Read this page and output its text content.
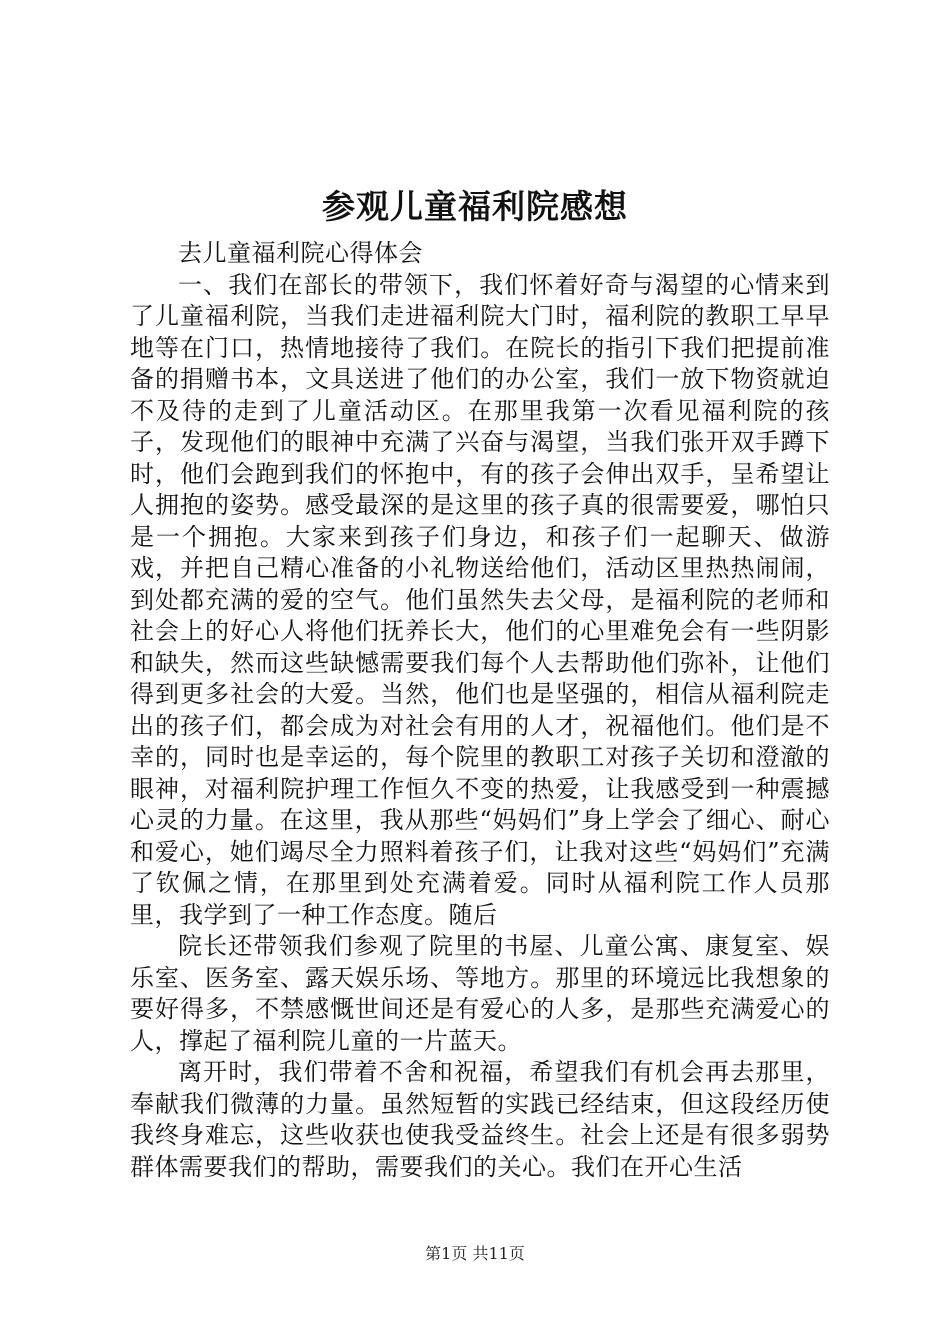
参观儿童福利院感想

去儿童福利院心得体会

一、我们在部长的带领下，我们怀着好奇与渴望的心情来到了儿童福利院，当我们走进福利院大门时，福利院的教职工早早地等在门口，热情地接待了我们。在院长的指引下我们把提前准备的捐赠书本，文具送进了他们的办公室，我们一放下物资就迫不及待的走到了儿童活动区。在那里我第一次看见福利院的孩子，发现他们的眼神中充满了兴奋与渴望，当我们张开双手蹲下时，他们会跑到我们的怀抱中，有的孩子会伸出双手，呈希望让人拥抱的姿势。感受最深的是这里的孩子真的很需要爱，哪怕只是一个拥抱。大家来到孩子们身边，和孩子们一起聊天、做游戏，并把自己精心准备的小礼物送给他们，活动区里热热闹闹，到处都充满的爱的空气。他们虽然失去父母，是福利院的老师和社会上的好心人将他们抚养长大，他们的心里难免会有一些阴影和缺失，然而这些缺憾需要我们每个人去帮助他们弥补，让他们得到更多社会的大爱。当然，他们也是坚强的，相信从福利院走出的孩子们，都会成为对社会有用的人才，祝福他们。他们是不幸的，同时也是幸运的，每个院里的教职工对孩子关切和澄澈的眼神，对福利院护理工作恒久不变的热爱，让我感受到一种震撼心灵的力量。在这里，我从那些“妈妈们”身上学会了细心、耐心和爱心，她们竭尽全力照料着孩子们，让我对这些“妈妈们”充满了钦佩之情，在那里到处充满着爱。同时从福利院工作人员那里，我学到了一种工作态度。随后

院长还带领我们参观了院里的书屋、儿童公寓、康复室、娱乐室、医务室、露天娱乐场、等地方。那里的环境远比我想象的要好得多，不禁感慨世间还是有爱心的人多，是那些充满爱心的人，撑起了福利院儿童的一片蓝天。

离开时，我们带着不舍和祝福，希望我们有机会再去那里，奉献我们微薄的力量。虽然短暂的实践已经结束，但这段经历使我终身难忘，这些收获也使我受益终生。社会上还是有很多弱势群体需要我们的帮助，需要我们的关心。我们在开心生活

第1页 共11页
